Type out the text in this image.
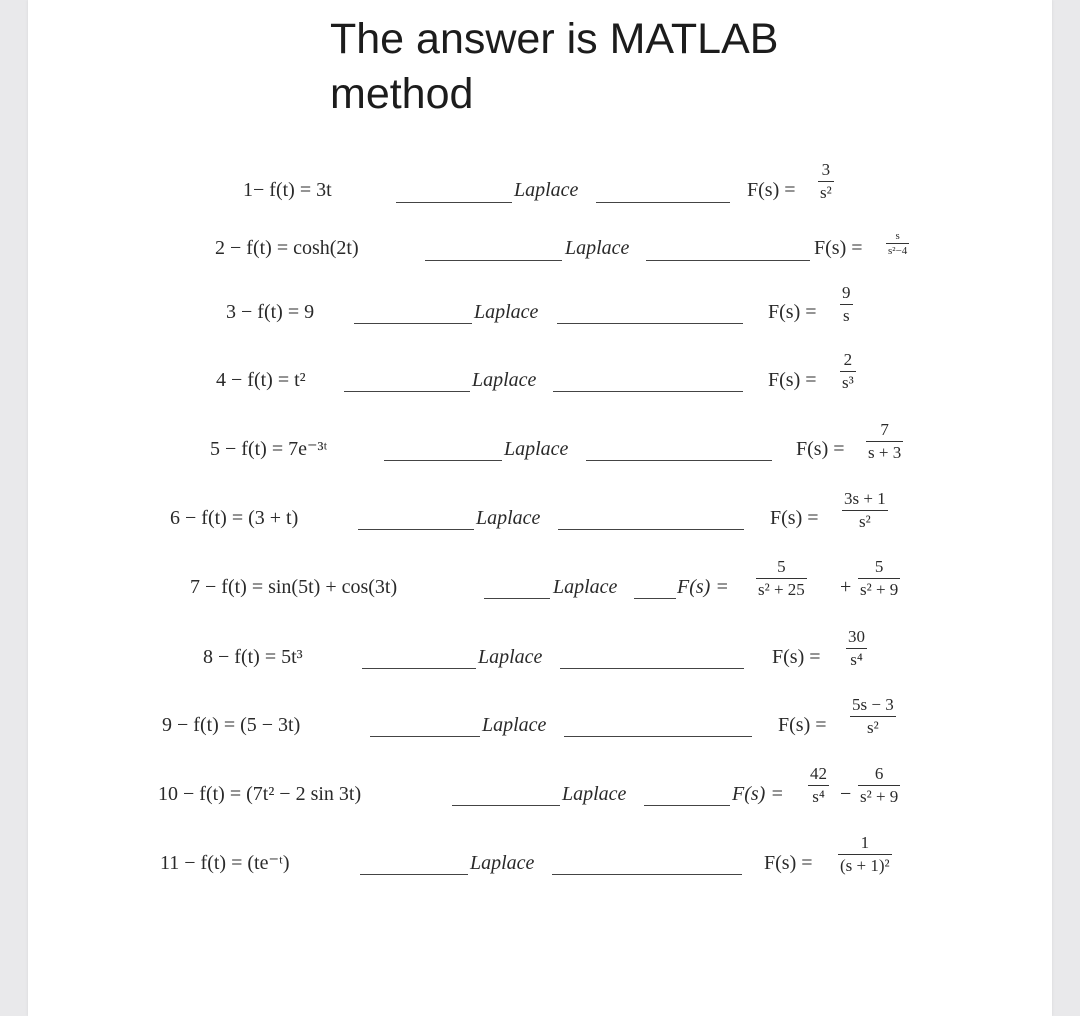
The answer is MATLAB
method
1− f(t) = 3t	Laplace	F(s) =
3
s²
2 − f(t) = cosh(2t)	Laplace	F(s) =
s
s²−4
3 − f(t) = 9	Laplace	F(s) =
9
s
4 − f(t) = t²	Laplace	F(s) =
2
s³
5 − f(t) = 7e⁻³ᵗ	Laplace	F(s) =
7
s + 3
6 − f(t) = (3 + t)	Laplace	F(s) =
3s + 1
s²
7 − f(t) = sin(5t) + cos(3t)	Laplace	F(s) =
5
s² + 25 +
5
s² + 9
8 − f(t) = 5t³	Laplace	F(s) =
30
s⁴
9 − f(t) = (5 − 3t)	Laplace	F(s) =
5s − 3
s²
10 − f(t) = (7t² − 2 sin 3t)	Laplace	F(s) =
42
s⁴ −
6
s² + 9
11 − f(t) = (te⁻ᵗ)	Laplace	F(s) =
1
(s + 1)²
